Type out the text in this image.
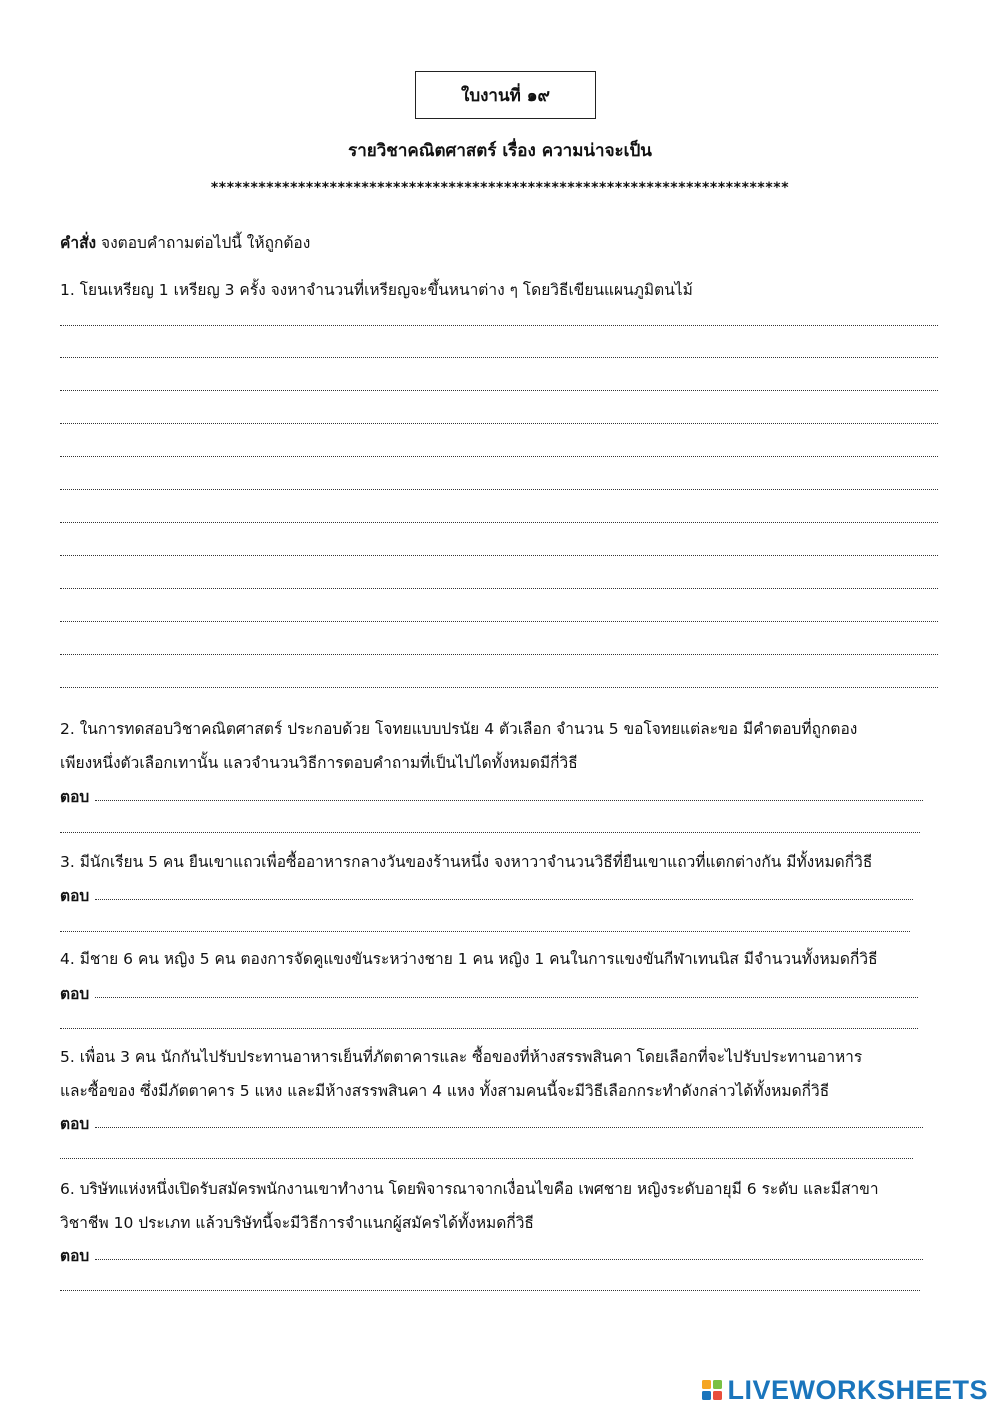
ใบงานที่ ๑๙
รายวิชาคณิตศาสตร์ เรื่อง ความน่าจะเป็น
*************************************************************************
คำสั่ง จงตอบคำถามต่อไปนี้ ให้ถูกต้อง
1. โยนเหรียญ 1 เหรียญ 3 ครั้ง จงหาจำนวนที่เหรียญจะขึ้นหนาต่าง ๆ โดยวิธีเขียนแผนภูมิตนไม้
2. ในการทดสอบวิชาคณิตศาสตร์ ประกอบด้วย โจทยแบบปรนัย 4 ตัวเลือก จำนวน 5 ขอโจทยแต่ละขอ มีคำตอบที่ถูกตอง
เพียงหนึ่งตัวเลือกเทานั้น แลวจำนวนวิธีการตอบคำถามที่เป็นไปไดทั้งหมดมีกี่วิธี
ตอบ
3. มีนักเรียน 5 คน ยืนเขาแถวเพื่อซื้ออาหารกลางวันของร้านหนึ่ง จงหาวาจำนวนวิธีที่ยืนเขาแถวที่แตกต่างกัน มีทั้งหมดกี่วิธี
ตอบ
4. มีชาย 6 คน หญิง 5 คน ตองการจัดคูแขงขันระหว่างชาย 1 คน หญิง 1 คนในการแขงขันกีฬาเทนนิส มีจำนวนทั้งหมดกี่วิธี
ตอบ
5. เพื่อน 3 คน นักกันไปรับประทานอาหารเย็นที่ภัตตาคารและ ซื้อของที่ห้างสรรพสินคา โดยเลือกที่จะไปรับประทานอาหาร
และซื้อของ ซึ่งมีภัตตาคาร 5 แหง และมีห้างสรรพสินคา 4 แหง ทั้งสามคนนี้จะมีวิธีเลือกกระทำดังกล่าวได้ทั้งหมดกี่วิธี
ตอบ
6. บริษัทแห่งหนึ่งเปิดรับสมัครพนักงานเขาทำงาน โดยพิจารณาจากเงื่อนไขคือ เพศชาย หญิงระดับอายุมี 6 ระดับ และมีสาขา
วิชาชีพ 10 ประเภท แล้วบริษัทนี้จะมีวิธีการจำแนกผู้สมัครได้ทั้งหมดกี่วิธี
ตอบ
LIVEWORKSHEETS
